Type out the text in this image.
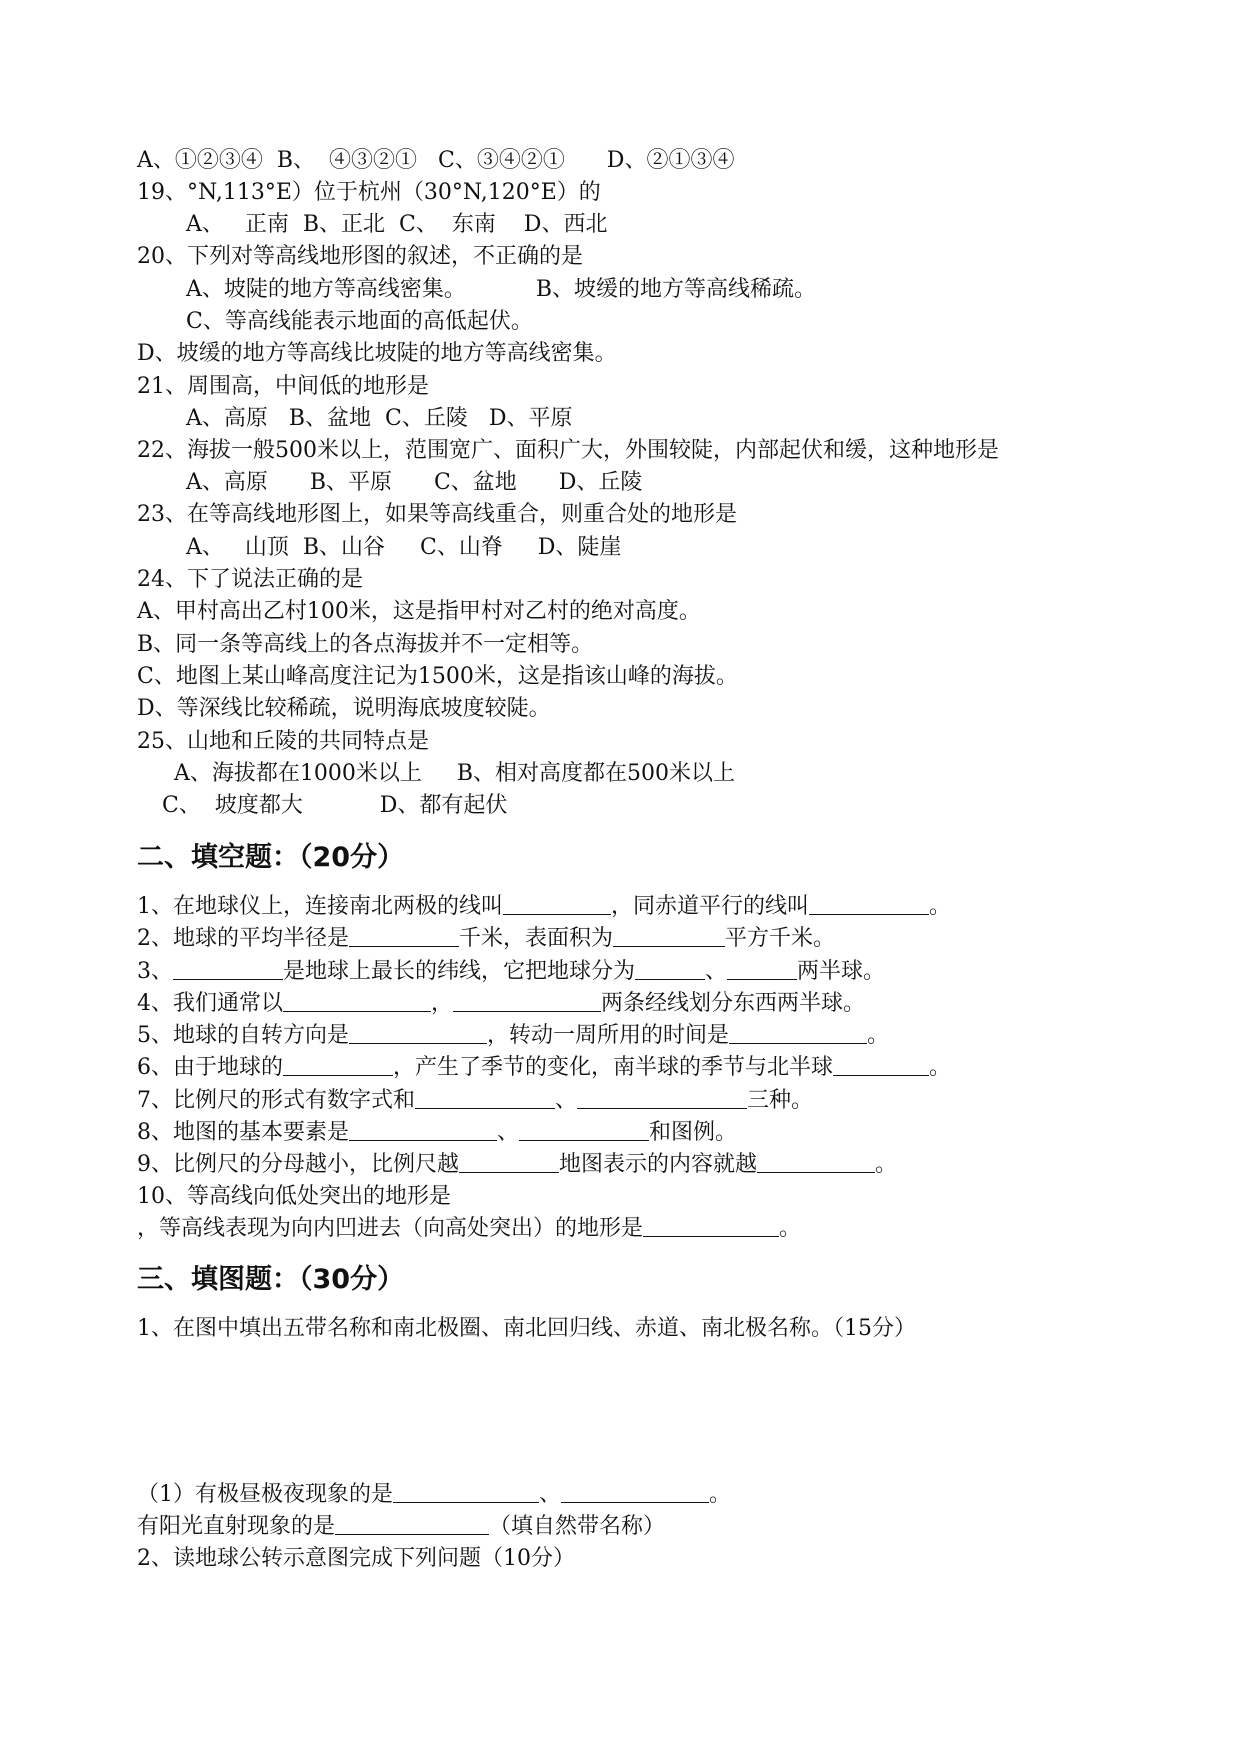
A、①②③④  B、  ④③②①   C、③④②①      D、②①③④
19、°N,113°E）位于杭州（30°N,120°E）的
A、   正南  B、正北  C、  东南    D、西北
20、下列对等高线地形图的叙述，不正确的是
A、坡陡的地方等高线密集。          B、坡缓的地方等高线稀疏。
C、等高线能表示地面的高低起伏。
D、坡缓的地方等高线比坡陡的地方等高线密集。
21、周围高，中间低的地形是
A、高原   B、盆地  C、丘陵   D、平原
22、海拔一般500米以上，范围宽广、面积广大，外围较陡，内部起伏和缓，这种地形是
A、高原      B、平原      C、盆地      D、丘陵
23、在等高线地形图上，如果等高线重合，则重合处的地形是
A、   山顶  B、山谷     C、山脊     D、陡崖
24、下了说法正确的是
A、甲村高出乙村100米，这是指甲村对乙村的绝对高度。
B、同一条等高线上的各点海拔并不一定相等。
C、地图上某山峰高度注记为1500米，这是指该山峰的海拔。
D、等深线比较稀疏，说明海底坡度较陡。
25、山地和丘陵的共同特点是
A、海拔都在1000米以上     B、相对高度都在500米以上
C、  坡度都大           D、都有起伏
二、填空题：（20分）
1、在地球仪上，连接南北两极的线叫	，同赤道平行的线叫	。
2、地球的平均半径是	千米，表面积为	平方千米。
3、	是地球上最长的纬线，它把地球分为	、	两半球。
4、我们通常以	，	两条经线划分东西两半球。
5、地球的自转方向是	，转动一周所用的时间是	。
6、由于地球的	，产生了季节的变化，南半球的季节与北半球	。
7、比例尺的形式有数字式和	、	三种。
8、地图的基本要素是	、	和图例。
9、比例尺的分母越小，比例尺越	地图表示的内容就越	。
10、等高线向低处突出的地形是
，等高线表现为向内凹进去（向高处突出）的地形是	。
三、填图题：（30分）
1、在图中填出五带名称和南北极圈、南北回归线、赤道、南北极名称。（15分）
（1）有极昼极夜现象的是	、	。
有阳光直射现象的是	（填自然带名称）
2、读地球公转示意图完成下列问题（10分）
